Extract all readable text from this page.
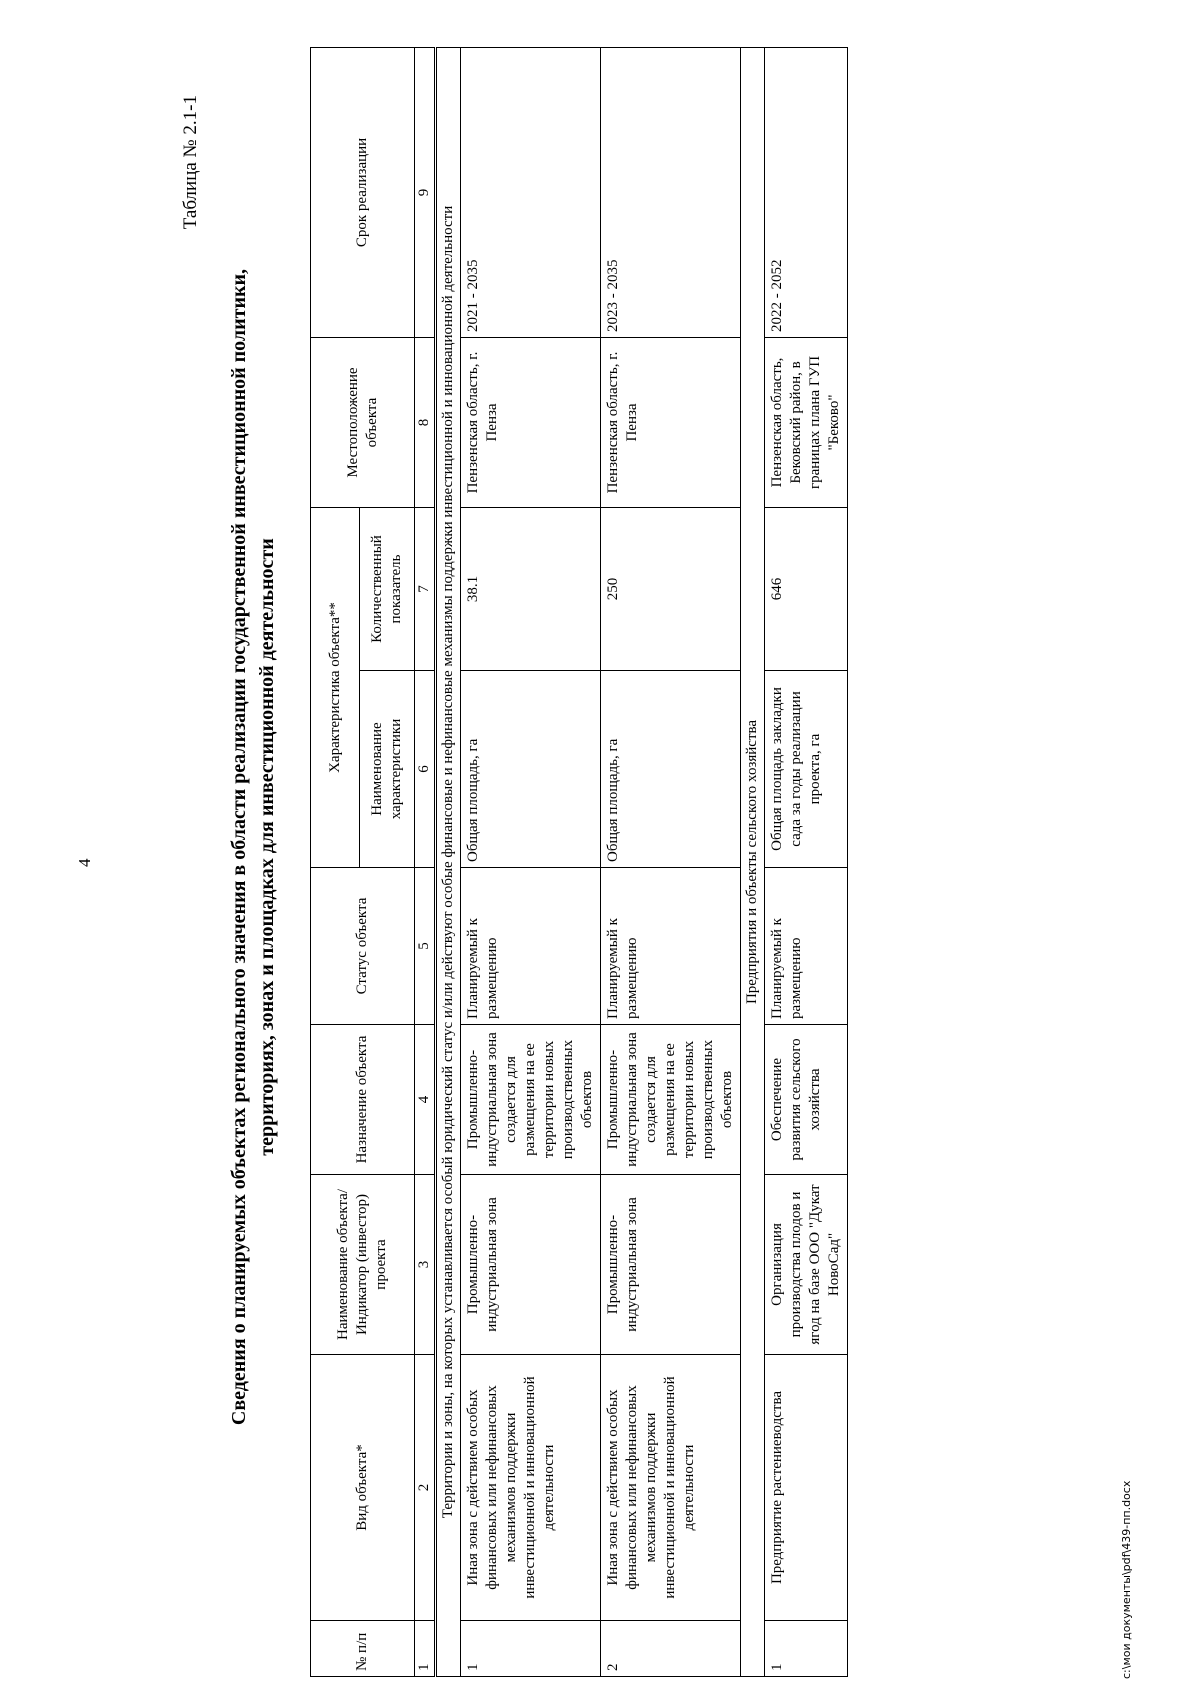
4
Таблица № 2.1-1
Сведения о планируемых объектах регионального значения в области реализации государственной инвестиционной политики, территориях, зонах и площадках для инвестиционной деятельности
№ п/п	Вид объекта*	Наименование объекта/ Индикатор (инвестор) проекта	Назначение объекта	Статус объекта	Характеристика объекта**		Местоположение объекта	Срок реализации
					Наименование характеристики	Количественный показатель		
1	2	3	4	5	6	7	8	9
Территории и зоны, на которых устанавливается особый юридический статус и/или действуют особые финансовые и нефинансовые механизмы поддержки инвестиционной и инновационной деятельности								
1	Иная зона с действием особых финансовых или нефинансовых механизмов поддержки инвестиционной и инновационной деятельности	Промышленно-индустриальная зона	Промышленно-индустриальная зона создается для размещения на ее территории новых производственных объектов	Планируемый к размещению	Общая площадь, га	38.1	Пензенская область, г. Пенза	2021 - 2035
2	Иная зона с действием особых финансовых или нефинансовых механизмов поддержки инвестиционной и инновационной деятельности	Промышленно-индустриальная зона	Промышленно-индустриальная зона создается для размещения на ее территории новых производственных объектов	Планируемый к размещению	Общая площадь, га	250	Пензенская область, г. Пенза	2023 - 2035
Предприятия и объекты сельского хозяйства								
1	Предприятие растениеводства	Организация производства плодов и ягод на базе ООО "Дукат НовоСад"	Обеспечение развития сельского хозяйства	Планируемый к размещению	Общая площадь закладки сада за годы реализации проекта, га	646	Пензенская область, Бековский район, в границах плана ГУП "Беково"	2022 - 2052
c:\мои документы\pdf\439-пп.docx
